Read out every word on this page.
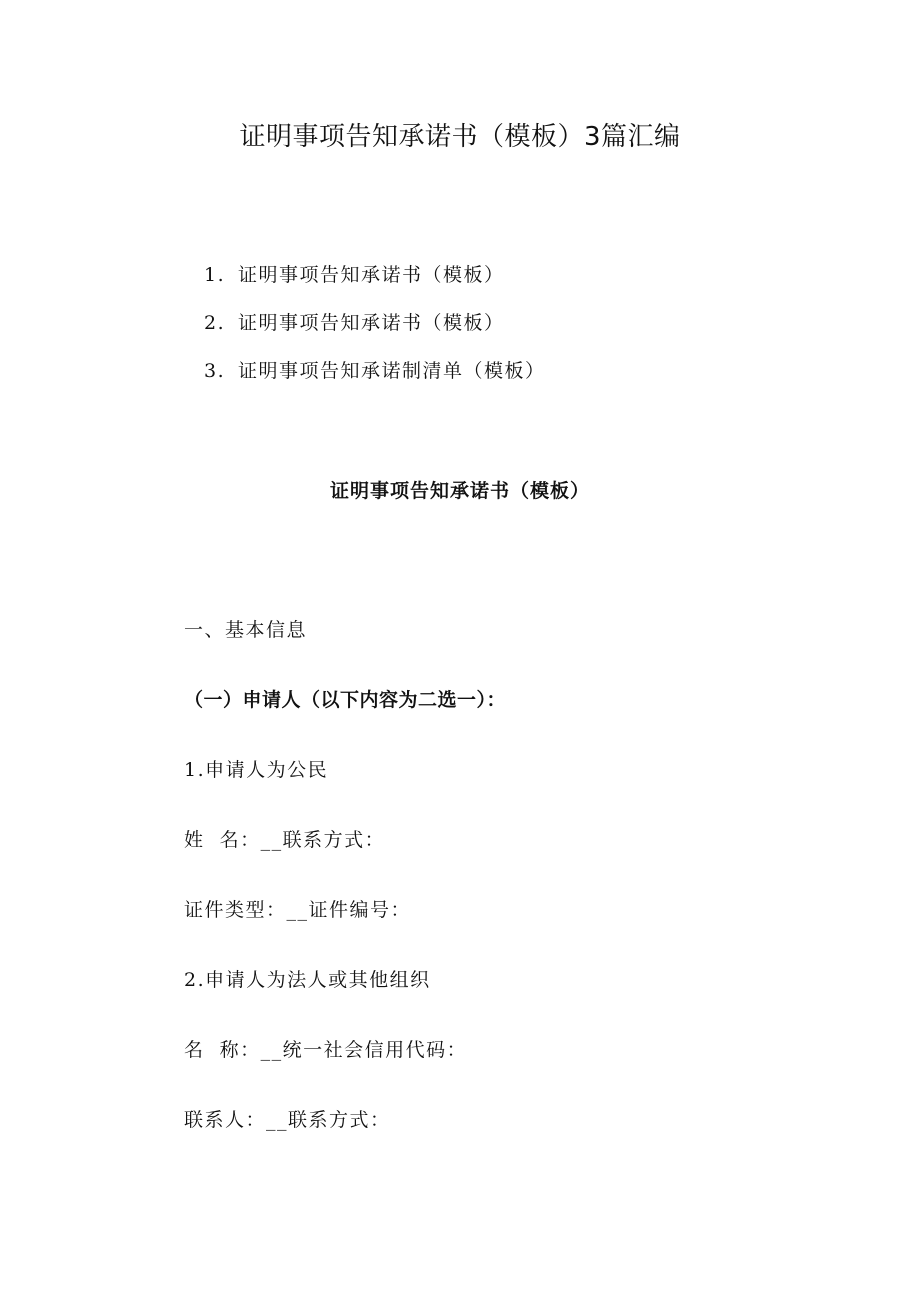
证明事项告知承诺书（模板）3篇汇编
1. 证明事项告知承诺书（模板）
2. 证明事项告知承诺书（模板）
3. 证明事项告知承诺制清单（模板）
证明事项告知承诺书（模板）

一、基本信息

（一）申请人（以下内容为二选一）：

1.申请人为公民

姓  名：__联系方式：

证件类型：__证件编号：

2.申请人为法人或其他组织

名  称：__统一社会信用代码：

联系人：__联系方式：
